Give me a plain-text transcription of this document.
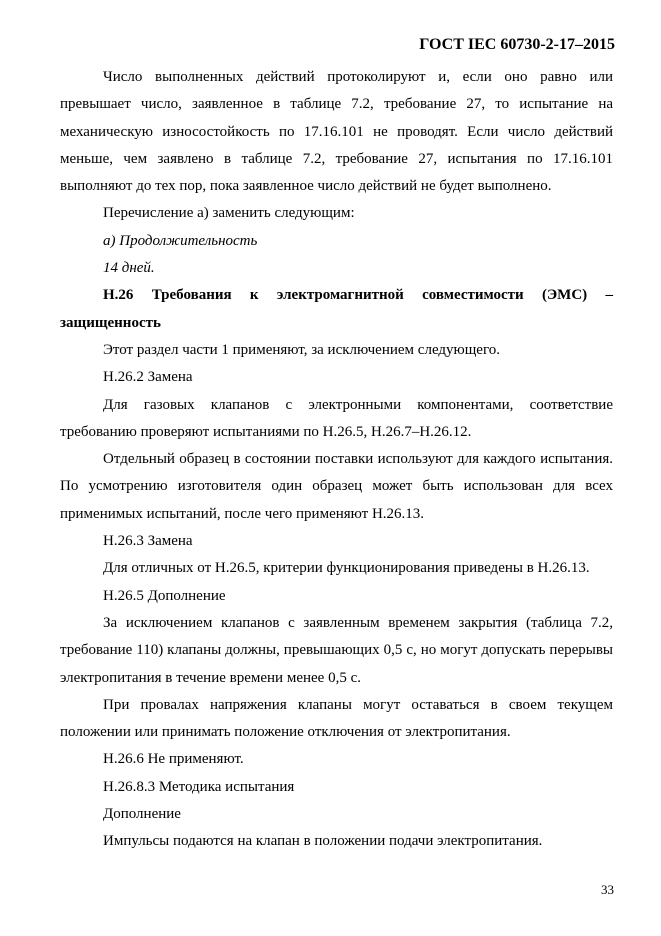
ГОСТ IEC 60730-2-17–2015

Число выполненных действий протоколируют и, если оно равно или превышает число, заявленное в таблице 7.2, требование 27, то испытание на механическую износостойкость по 17.16.101 не проводят. Если число действий меньше, чем заявлено в таблице 7.2, требование 27, испытания по 17.16.101 выполняют до тех пор, пока заявленное число действий не будет выполнено.

Перечисление а) заменить следующим:

а) Продолжительность

14 дней.

Н.26 Требования к электромагнитной совместимости (ЭМС) – защищенность

Этот раздел части 1 применяют, за исключением следующего.

Н.26.2 Замена

Для газовых клапанов с электронными компонентами, соответствие требованию проверяют испытаниями по Н.26.5, Н.26.7–Н.26.12.

Отдельный образец в состоянии поставки используют для каждого испытания. По усмотрению изготовителя один образец может быть использован для всех применимых испытаний, после чего применяют Н.26.13.

Н.26.3 Замена

Для отличных от Н.26.5, критерии функционирования приведены в Н.26.13.

Н.26.5 Дополнение

За исключением клапанов с заявленным временем закрытия (таблица 7.2, требование 110) клапаны должны, превышающих 0,5 с, но могут допускать перерывы электропитания в течение времени менее 0,5 с.

При провалах напряжения клапаны могут оставаться в своем текущем положении или принимать положение отключения от электропитания.

Н.26.6 Не применяют.

Н.26.8.3 Методика испытания

Дополнение

Импульсы подаются на клапан в положении подачи электропитания.

33
